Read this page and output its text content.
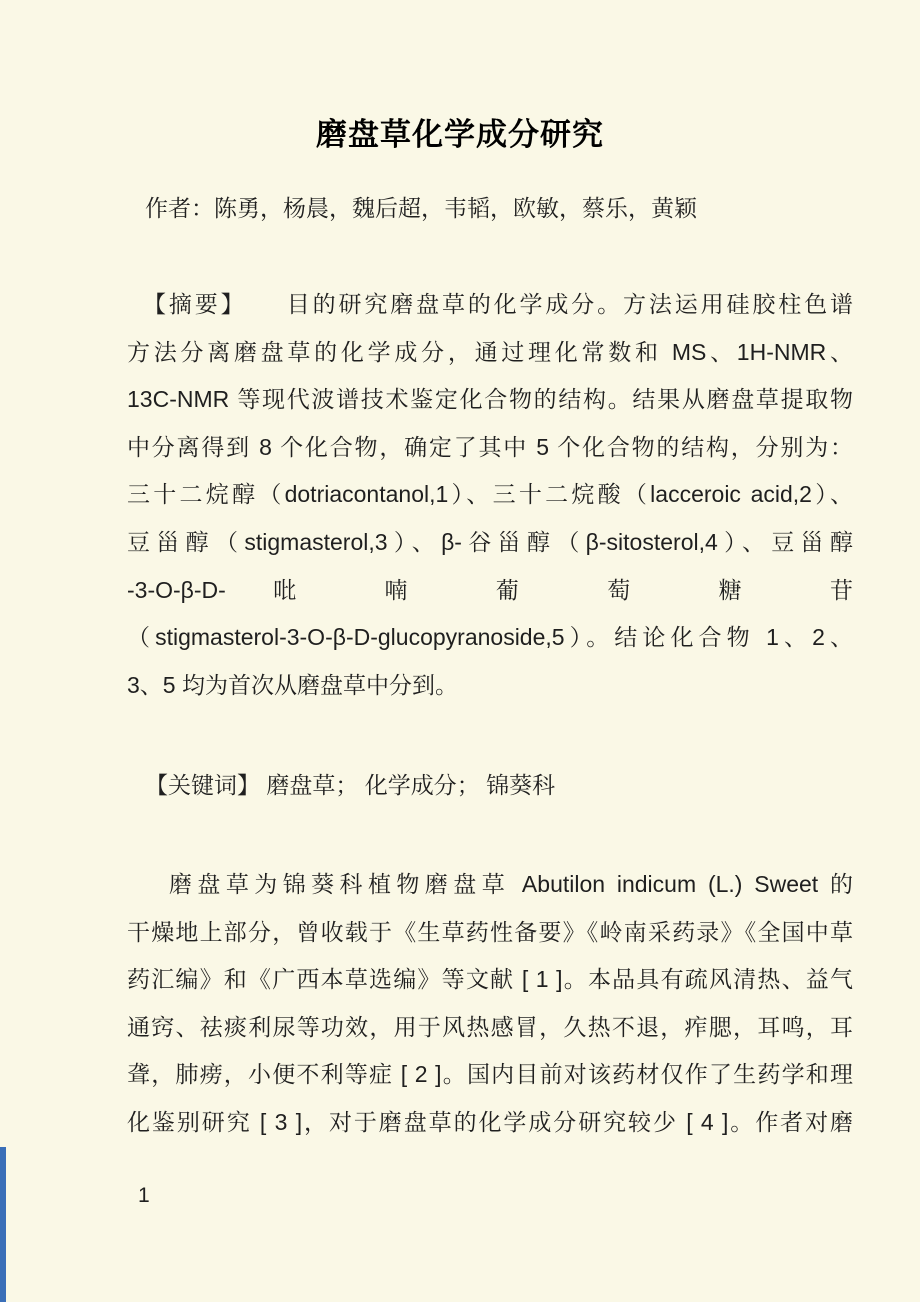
磨盘草化学成分研究
作者：陈勇，杨晨，魏后超，韦韬，欧敏，蔡乐，黄颖
【摘要】　　目的研究磨盘草的化学成分。方法运用硅胶柱色谱
方法分离磨盘草的化学成分，通过理化常数和 MS、1H-NMR、
13C-NMR 等现代波谱技术鉴定化合物的结构。结果从磨盘草提取物
中分离得到 8 个化合物，确定了其中 5 个化合物的结构，分别为：
三十二烷醇（dotriacontanol,1）、三十二烷酸（lacceroic acid,2）、
豆甾醇（stigmasterol,3）、β-谷甾醇（β-sitosterol,4）、豆甾醇
-3-O-β-D- 吡 喃 葡 萄 糖 苷
（stigmasterol-3-O-β-D-glucopyranoside,5）。结论化合物 1、2、
3、5 均为首次从磨盘草中分到。
【关键词】 磨盘草； 化学成分； 锦葵科
磨盘草为锦葵科植物磨盘草 Abutilon indicum (L.) Sweet 的
干燥地上部分，曾收载于《生草药性备要》《岭南采药录》《全国中草
药汇编》和《广西本草选编》等文献 [ 1 ]。本品具有疏风清热、益气
通窍、祛痰利尿等功效，用于风热感冒，久热不退，痄腮，耳鸣，耳
聋，肺痨，小便不利等症 [ 2 ]。国内目前对该药材仅作了生药学和理
化鉴别研究 [ 3 ]，对于磨盘草的化学成分研究较少 [ 4 ]。作者对磨
1
